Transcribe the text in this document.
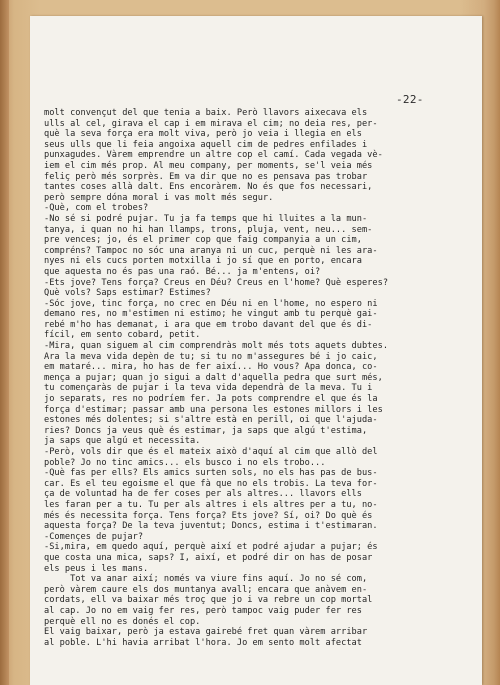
-22-
molt convençut del que tenia a baix. Però llavors aixecava els
ulls al cel, girava el cap i em mirava el cim; no deia res, per-
què la seva força era molt viva, però jo veia i llegia en els
seus ulls que li feia angoixa aquell cim de pedres enfilades i
punxagudes. Vàrem emprendre un altre cop el camí. Cada vegada vè-
iem el cim més prop. Al meu company, per moments, se'l veia més
feliç però més sorprès. Em va dir que no es pensava pas trobar
tantes coses allà dalt. Ens encoràrem. No és que fos necessari,
però sempre dóna moral i vas molt més segur.
-Què, com el trobes?
-No sé si podré pujar. Tu ja fa temps que hi lluites a la mun-
tanya, i quan no hi han llamps, trons, pluja, vent, neu... sem-
pre vences; jo, és el primer cop que faig companyia a un cim,
compréns? Tampoc no sóc una aranya ni un cuc, perquè ni les ara-
nyes ni els cucs porten motxilla i jo sí que en porto, encara
que aquesta no és pas una raó. Bé... ja m'entens, oi?
-Ets jove? Tens força? Creus en Déu? Creus en l'home? Què esperes?
Què vols? Saps estimar? Estimes?
-Sóc jove, tinc força, no crec en Déu ni en l'home, no espero ni
demano res, no m'estimen ni estimo; he vingut amb tu perquè gai-
rebé m'ho has demanat, i ara que em trobo davant del que és di-
fícil, em sento cobard, petit.
-Mira, quan siguem al cim comprendràs molt més tots aquets dubtes.
Ara la meva vida depèn de tu; si tu no m'assegures bé i jo caic,
em mataré... mira, ho has de fer així... Ho vous? Apa donca, co-
mença a pujar; quan jo sigui a dalt d'aquella pedra que surt més,
tu començaràs de pujar i la teva vida dependrà de la meva. Tu i
jo separats, res no podríem fer. Ja pots comprendre el que és la
força d'estimar; passar amb una persona les estones millors i les
estones més dolentes; si s'altre està en perill, oi que l'ajuda-
ries? Doncs ja veus què és estimar, ja saps que algú t'estima,
ja saps que algú et necessita.
-Però, vols dir que és el mateix això d'aquí al cim que allò del
poble? Jo no tinc amics... els busco i no els trobo...
-Què fas per ells? Els amics surten sols, no els has pas de bus-
car. Es el teu egoisme el que fà que no els trobis. La teva for-
ça de voluntad ha de fer coses per als altres... llavors ells
les faran per a tu. Tu per als altres i els altres per a tu, no-
més és necessita força. Tens força? Ets jove? Sí, oi? Do què és
aquesta força? De la teva juventut; Doncs, estima i t'estimaran.
-Començes de pujar?
-Si,mira, em quedo aquí, perquè així et podré ajudar a pujar; és
que costa una mica, saps? I, així, et podré dir on has de posar
els peus i les mans.
Tot va anar així; només va viure fins aquí. Jo no sé com,
però vàrem caure els dos muntanya avall; encara que anàvem en-
cordats, ell va baixar més troç que jo i va rebre un cop mortal
al cap. Jo no em vaig fer res, però tampoc vaig puder fer res
perquè ell no es donés el cop.
El vaig baixar, però ja estava gairebé fret quan vàrem arribar
al poble. L'hi havia arribat l'hora. Jo em sento molt afectat
